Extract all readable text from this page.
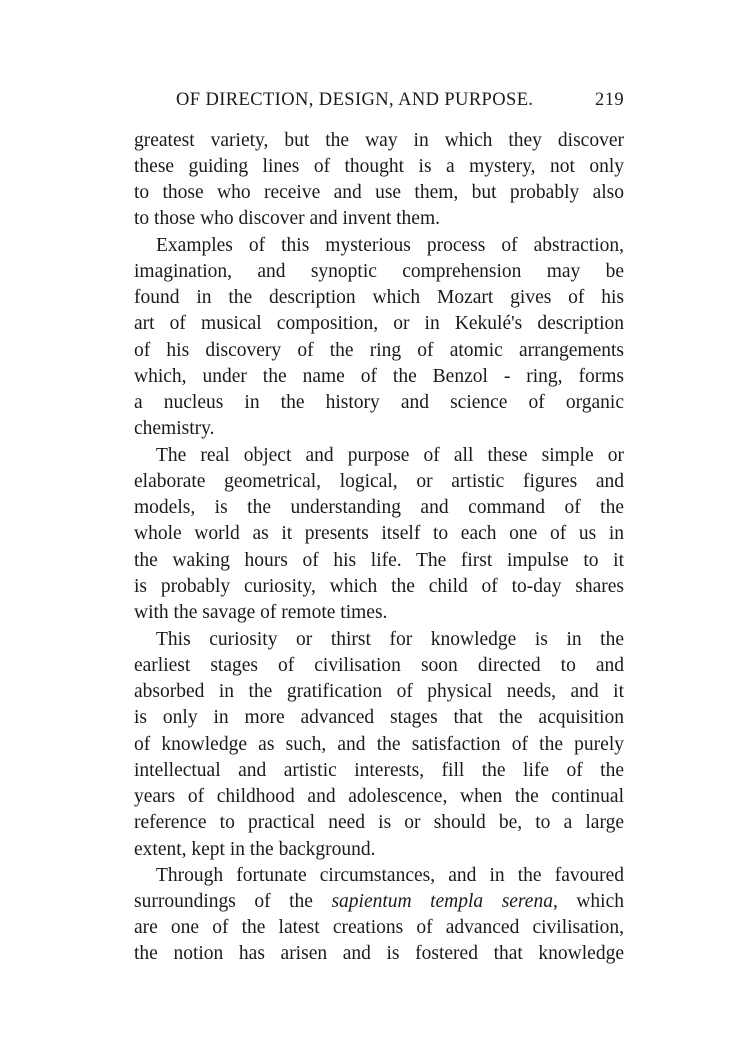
OF DIRECTION, DESIGN, AND PURPOSE.	219
greatest variety, but the way in which they discover
these guiding lines of thought is a mystery, not only
to those who receive and use them, but probably also
to those who discover and invent them.
Examples of this mysterious process of abstraction,
imagination, and synoptic comprehension may be
found in the description which Mozart gives of his
art of musical composition, or in Kekulé's description
of his discovery of the ring of atomic arrangements
which, under the name of the Benzol - ring, forms
a nucleus in the history and science of organic
chemistry.
The real object and purpose of all these simple or
elaborate geometrical, logical, or artistic figures and
models, is the understanding and command of the
whole world as it presents itself to each one of us in
the waking hours of his life. The first impulse to it
is probably curiosity, which the child of to-day shares
with the savage of remote times.
This curiosity or thirst for knowledge is in the
earliest stages of civilisation soon directed to and
absorbed in the gratification of physical needs, and it
is only in more advanced stages that the acquisition
of knowledge as such, and the satisfaction of the purely
intellectual and artistic interests, fill the life of the
years of childhood and adolescence, when the continual
reference to practical need is or should be, to a large
extent, kept in the background.
Through fortunate circumstances, and in the favoured
surroundings of the sapientum templa serena, which
are one of the latest creations of advanced civilisation,
the notion has arisen and is fostered that knowledge
